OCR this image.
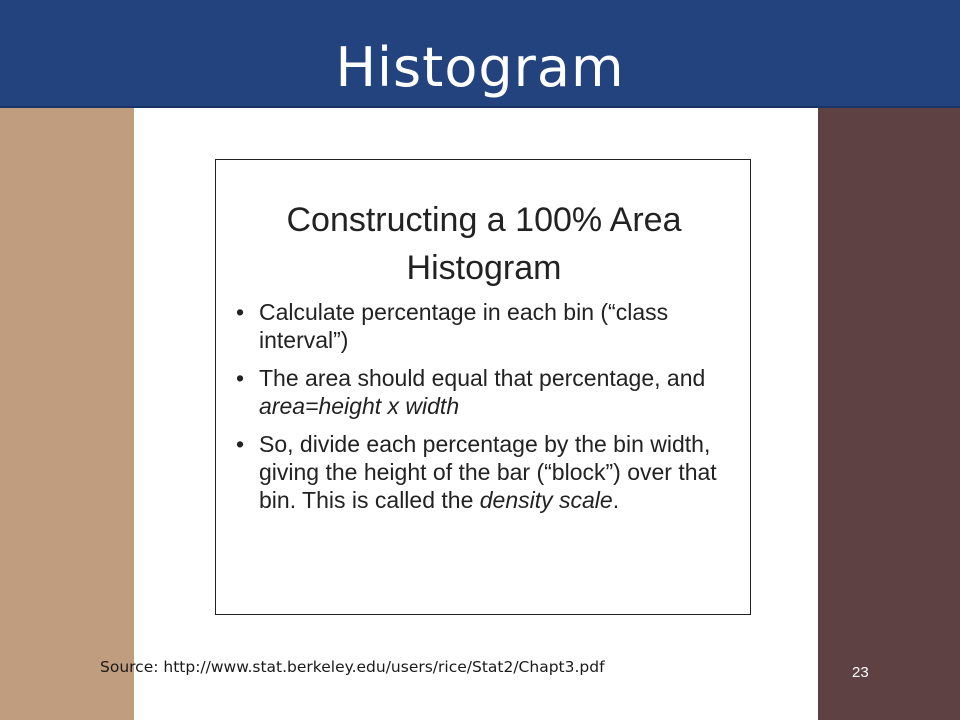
Histogram
Constructing a 100% Area
Histogram
• Calculate percentage in each bin (“class interval”)
• The area should equal that percentage, and area=height x width
• So, divide each percentage by the bin width, giving the height of the bar (“block”) over that bin. This is called the density scale.
Source: http://www.stat.berkeley.edu/users/rice/Stat2/Chapt3.pdf	23
